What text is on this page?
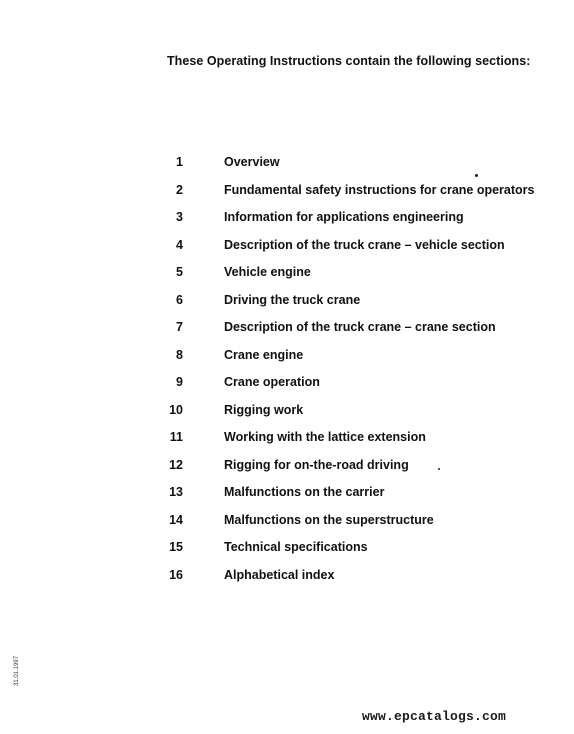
These Operating Instructions contain the following sections:
1	Overview
2	Fundamental safety instructions for crane operators
3	Information for applications engineering
4	Description of the truck crane – vehicle section
5	Vehicle engine
6	Driving the truck crane
7	Description of the truck crane – crane section
8	Crane engine
9	Crane operation
10	Rigging work
11	Working with the lattice extension
12	Rigging for on-the-road driving
13	Malfunctions on the carrier
14	Malfunctions on the superstructure
15	Technical specifications
16	Alphabetical index
31.01.1997
www.epcatalogs.com
